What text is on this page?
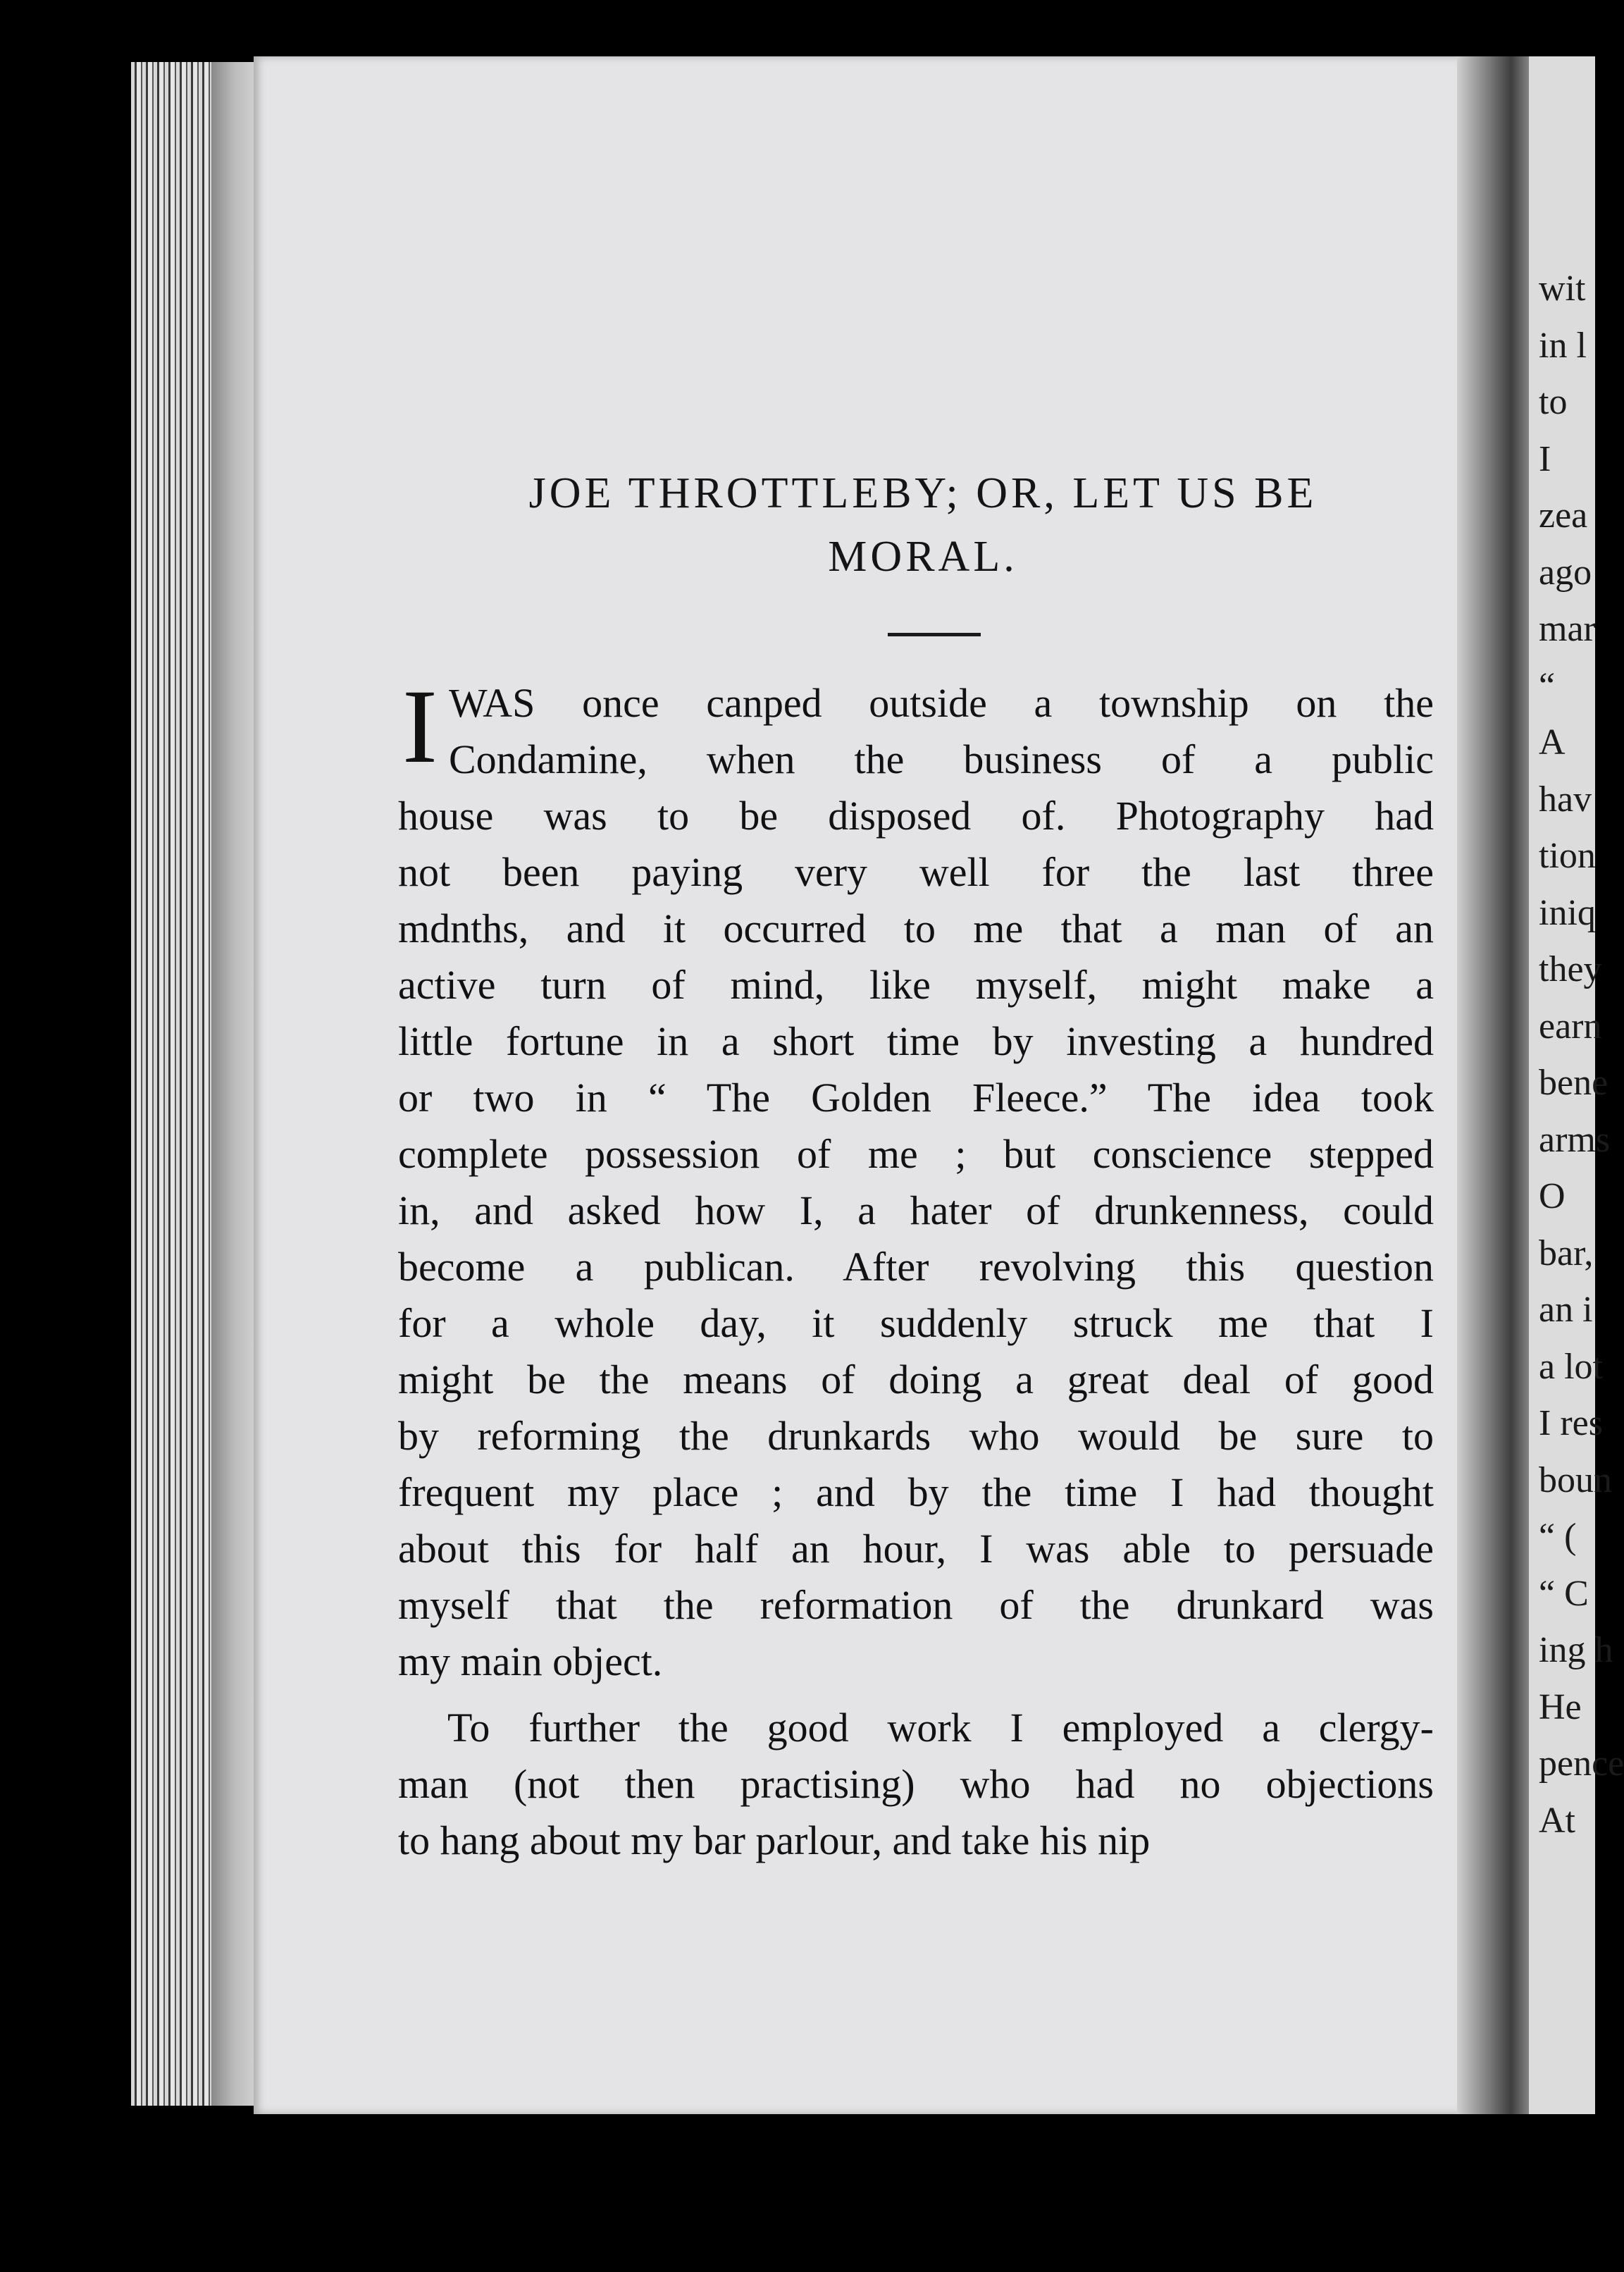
wit
in l
to
I
zea
ago
mar
“
A
hav
tion
iniq
they
earn
bene
arms
O
bar,
an i
a lot
I res
boun
“ (
“ C
ing h
He
pence
At
JOE THROTTLEBY; OR, LET US BE
MORAL.
I WAS once canped outside a township on the
Condamine, when the business of a public
house was to be disposed of. Photography had
not been paying very well for the last three
mdnths, and it occurred to me that a man of an
active turn of mind, like myself, might make a
little fortune in a short time by investing a hundred
or two in “ The Golden Fleece.” The idea took
complete possession of me ; but conscience stepped
in, and asked how I, a hater of drunkenness, could
become a publican. After revolving this question
for a whole day, it suddenly struck me that I
might be the means of doing a great deal of good
by reforming the drunkards who would be sure to
frequent my place ; and by the time I had thought
about this for half an hour, I was able to persuade
myself that the reformation of the drunkard was
my main object.
To further the good work I employed a clergy-
man (not then practising) who had no objections
to hang about my bar parlour, and take his nip
